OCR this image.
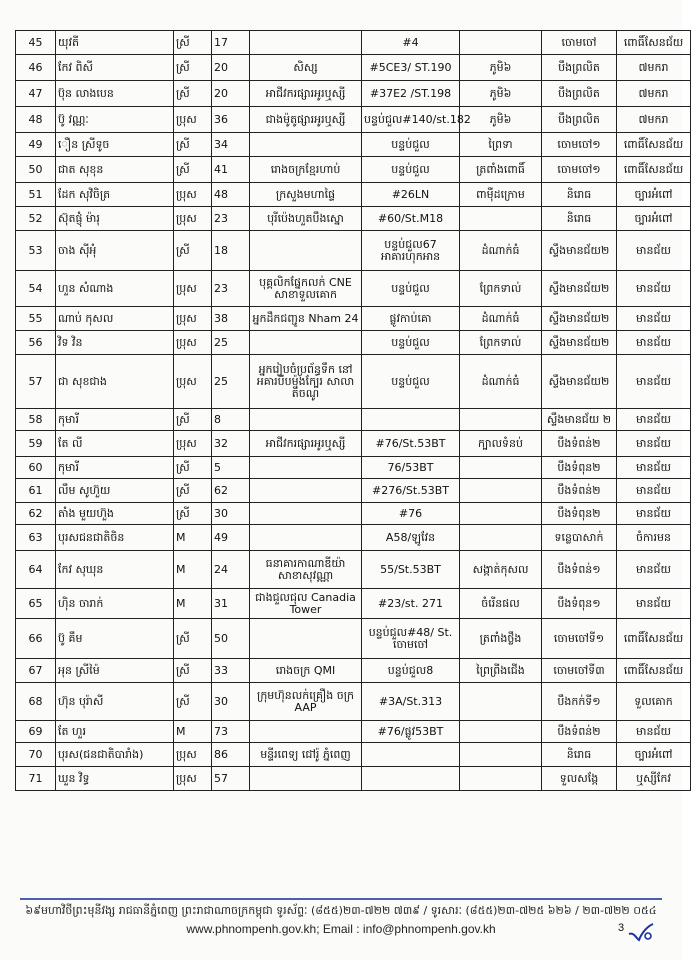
45	យុវតី	ស្រី	17		#4		ចោមចៅ	ពោធិ៍សែនជ័យ
46	កែវ ពិសី	ស្រី	20	សិស្ស	#5CE3/ ST.190	ភូមិ៦	បឹងព្រលិត	៧មករា
47	ប៊ុន លាងបេន	ស្រី	20	អាជីវករផ្សារអូរឬស្សី	#37E2 /ST.198	ភូមិ៦	បឹងព្រលិត	៧មករា
48	ប៊ូ វណ្ណៈ	ប្រុស	36	ជាងម៉ូតូផ្សារអូរឬស្សី	បន្ទប់ជួល#140/st.182	ភូមិ៦	បឹងព្រលិត	៧មករា
49	ឿន ស្រីទូច	ស្រី	34		បន្ទប់ជួល	ព្រៃទា	ចោមចៅ១	ពោធិ៍សែនជ័យ
50	ជាត សុខុន	ស្រី	41	រោងចក្រខ្មែរហាប់	បន្ទប់ជួល	ត្រពាំងពោធិ៍	ចោមចៅ១	ពោធិ៍សែនជ័យ
51	ដែក សុវិចិត្រ	ប្រុស	48	ក្រសួងមហាផ្ទៃ	#26LN	ពាម៉ឺដក្រោម	និរោធ	ច្បារអំពៅ
52	ស៊ុតផ្ញុំ ម៉ារុ	ប្រុស	23	បុរីប៉េងហួតបឹងស្នោ	#60/St.M18		និរោធ	ច្បារអំពៅ
53	ចាង ស៊ីអុំ	ស្រី	18		បន្ទប់ជួល67 អាគារហុកអាន	ដំណាក់ធំ	ស្ទឹងមានជ័យ២	មានជ័យ
54	ហួន សំណាង	ប្រុស	23	បុគ្គលិកផ្នែកលក់ CNE សាខាទួលគោក	បន្ទប់ជួល	ព្រែកទាល់	ស្ទឹងមានជ័យ២	មានជ័យ
55	ណាប់ កុសល	ប្រុស	38	អ្នកដឹកជញ្ជូន Nham 24	ផ្លូវកាប់គោ	ដំណាក់ធំ	ស្ទឹងមានជ័យ២	មានជ័យ
56	វិទ វិន	ប្រុស	25		បន្ទប់ជួល	ព្រែកទាល់	ស្ទឹងមានជ័យ២	មានជ័យ
57	ជា សុខជាង	ប្រុស	25	អ្នករៀបចំប្រព័ន្ធទឹក នៅអគារបីបម៉ុងក្បែរ សាលាតិចណូ	បន្ទប់ជួល	ដំណាក់ធំ	ស្ទឹងមានជ័យ២	មានជ័យ
58	កុមារី	ស្រី	8				ស្ទឹងមានជ័យ ២	មានជ័យ
59	តែ លី	ប្រុស	32	អាជីវករផ្សារអូរឬស្សី	#76/St.53BT	ក្បាលទំនប់	បឹងទំពន់២	មានជ័យ
60	កុមារី	ស្រី	5		76/53BT		បឹងទំពុន២	មានជ័យ
61	លឹម សូហ៊ួយ	ស្រី	62		#276/St.53BT		បឹងទំពន់២	មានជ័យ
62	តាំង មួយហ៊ួង	ស្រី	30		#76		បឹងទំពុន២	មានជ័យ
63	បុរសជនជាតិចិន	M	49		A58/ឡូវែន		ទន្លេបាសាក់	ចំការមន
64	កែវ សុឃុន	M	24	ធនាគារកាណាឌីយ៉ា សាខាសុវណ្ណា	55/St.53BT	សង្កាត់កុសល	បឹងទំពន់១	មានជ័យ
65	ហ៊ិន ចារាក់	M	31	ជាងជួលជុល Canadia Tower	#23/st. 271	ចំរើនផល	បឹងទំពុន១	មានជ័យ
66	ប៊ូ គឹម	ស្រី	50		បន្ទប់ជួល#48/ St. ចោមចៅ	ត្រពាំងថ្លឹង	ចោមចៅទី១	ពោធិ៍សែនជ័យ
67	អុន ស្រីម៉ៃ	ស្រី	33	រោងចក្រ QMI	បន្ទប់ជួល8	ព្រៃព្រីងជើង	ចោមចៅទី៣	ពោធិ៍សែនជ័យ
68	ហ៊ុន បុរ៉ាសី	ស្រី	30	ក្រុមហ៊ុនលក់គ្រឿង ចក្រ AAP	#3A/St.313		បឹងកក់ទី១	ទួលគោក
69	តែ ហួរ	M	73		#76/ផ្លូវ53BT		បឹងទំពន់២	មានជ័យ
70	បុរស(ជនជាតិបារាំង)	ប្រុស	86	មន្ទីរពេទ្យ ជៅរ៉ូ ភ្នំពេញ			និរោធ	ច្បារអំពៅ
71	ឃួន វិទ្ធ	ប្រុស	57				ទួលសង្កែ	ឬស្សីកែវ
៦៩មហាវិថីព្រះមុនីវង្ស រាជធានីភ្នំពេញ ព្រះរាជាណាចក្រកម្ពុជា ទូរស័ព្ទៈ (៨៥៥)២៣-៧២២ ៧៣៩ / ទូរសារៈ (៨៥៥)២៣-៧២៥ ៦២៦ / ២៣-៧២២ ០៥៤
www.phnompenh.gov.kh; Email : info@phnompenh.gov.kh	3
